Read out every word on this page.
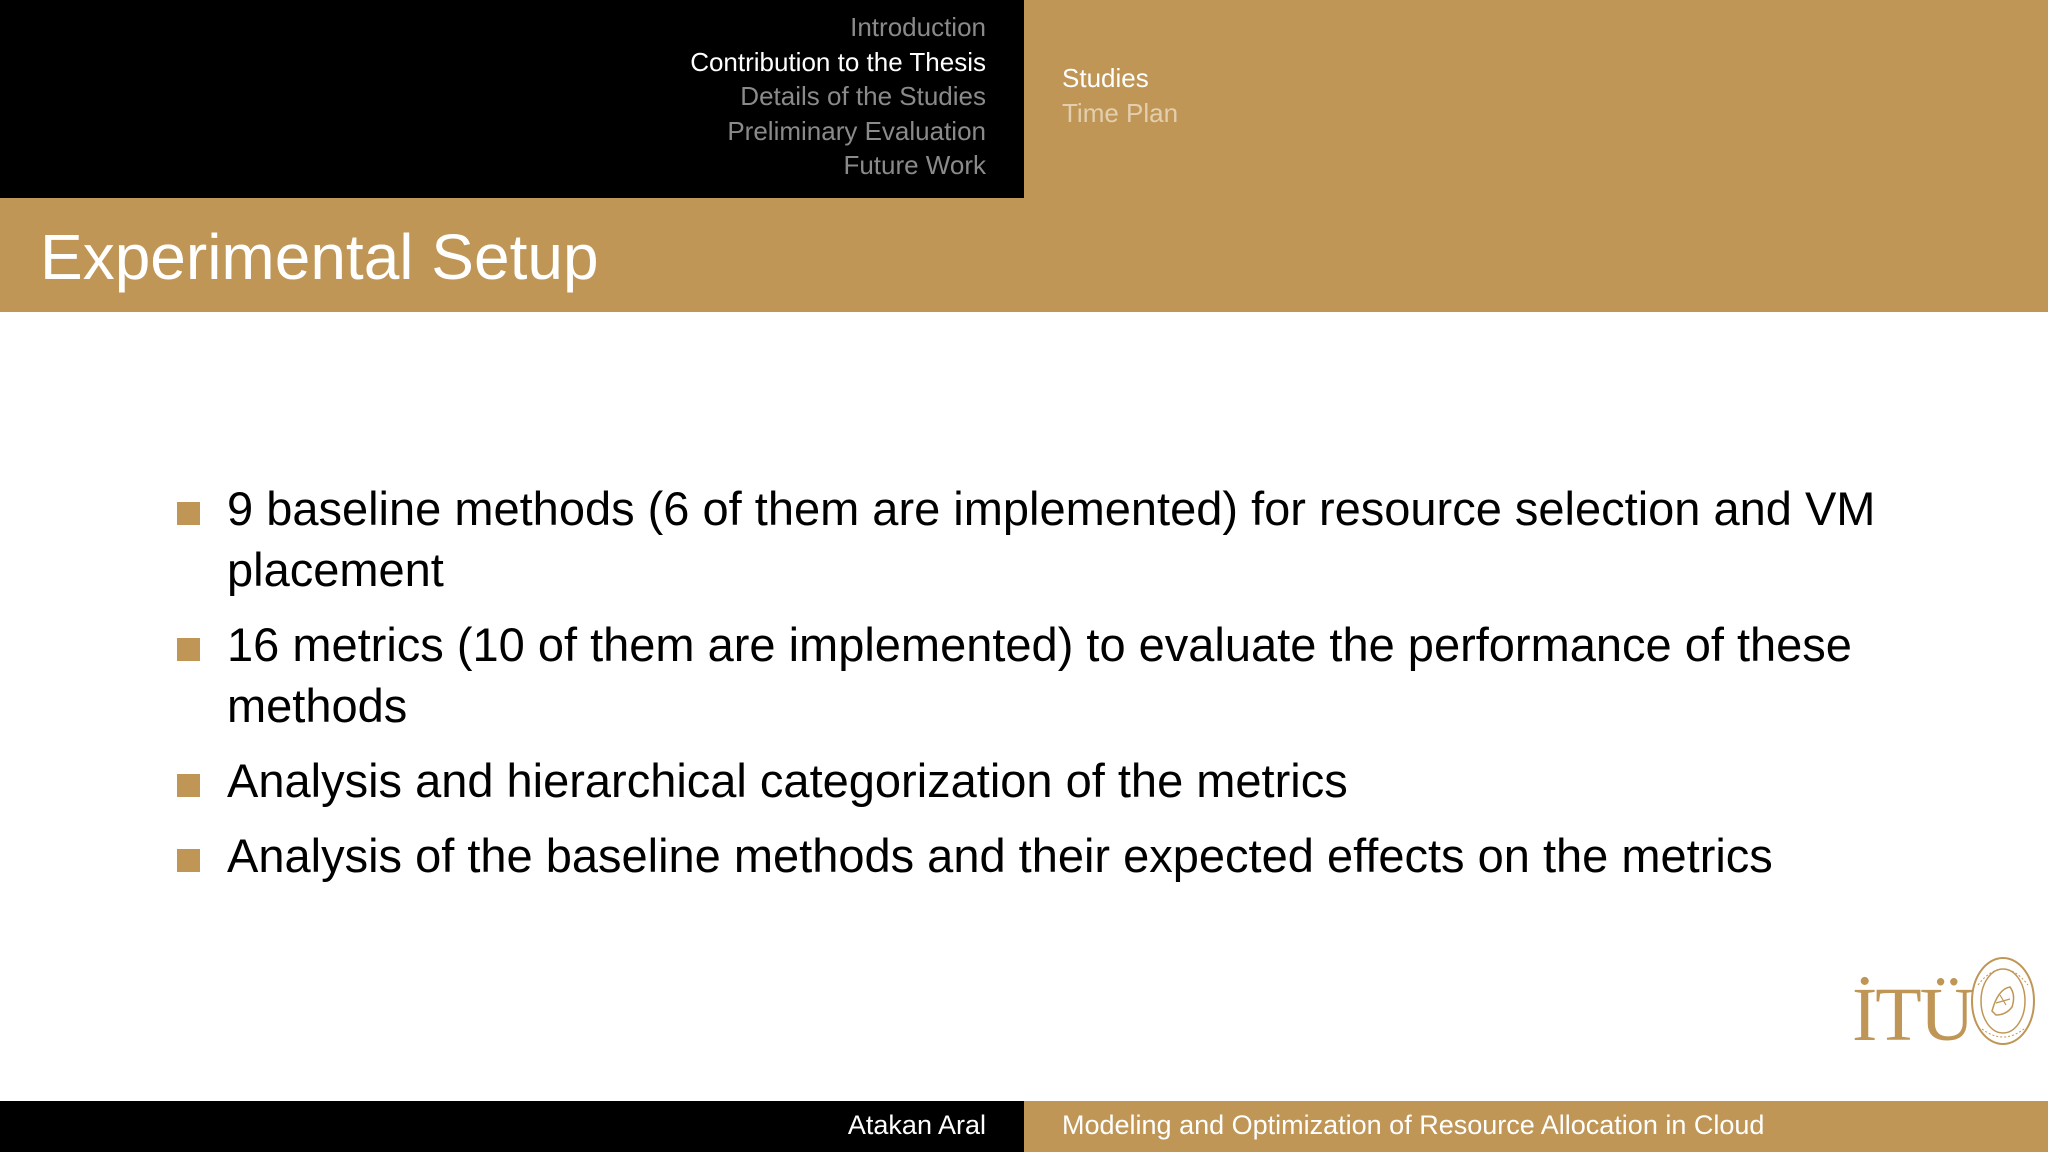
Introduction
Contribution to the Thesis
Details of the Studies
Preliminary Evaluation
Future Work
Studies
Time Plan
Experimental Setup
9 baseline methods (6 of them are implemented) for resource selection and VM placement
16 metrics (10 of them are implemented) to evaluate the performance of these methods
Analysis and hierarchical categorization of the metrics
Analysis of the baseline methods and their expected effects on the metrics
İTÜ
Atakan Aral	Modeling and Optimization of Resource Allocation in Cloud
